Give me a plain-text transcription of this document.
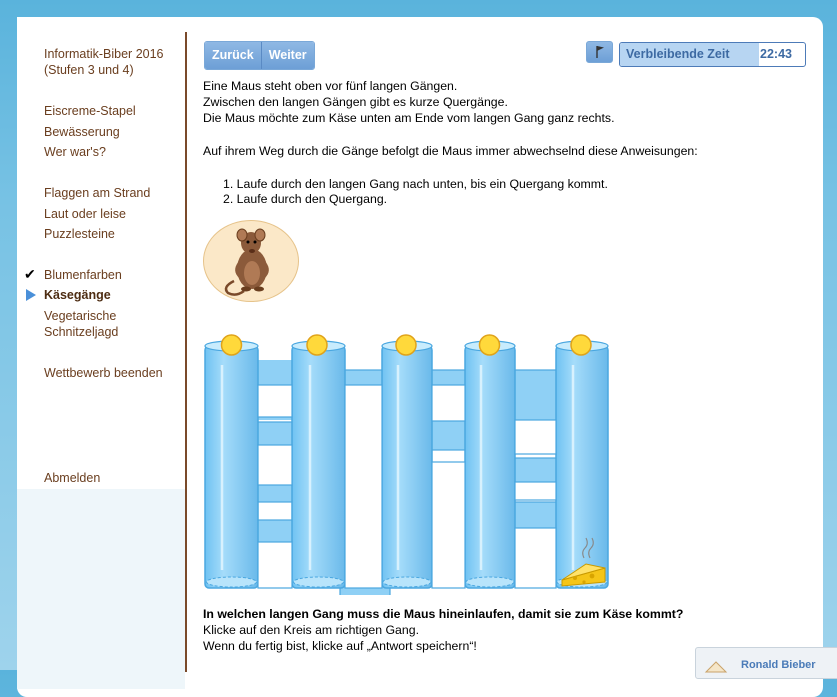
Informatik-Biber 2016
(Stufen 3 und 4)
Eiscreme-Stapel
Bewässerung
Wer war's?
Flaggen am Strand
Laut oder leise
Puzzlesteine
✔ Blumenfarben
Käsegänge
Vegetarische
Schnitzeljagd
Wettbewerb beenden
Abmelden
Zurück	Weiter	Verbleibende Zeit 22:43
Eine Maus steht oben vor fünf langen Gängen.
Zwischen den langen Gängen gibt es kurze Quergänge.
Die Maus möchte zum Käse unten am Ende vom langen Gang ganz rechts.
Auf ihrem Weg durch die Gänge befolgt die Maus immer abwechselnd diese Anweisungen:
1. Laufe durch den langen Gang nach unten, bis ein Quergang kommt.
2. Laufe durch den Quergang.
In welchen langen Gang muss die Maus hineinlaufen, damit sie zum Käse kommt?
Klicke auf den Kreis am richtigen Gang.
Wenn du fertig bist, klicke auf „Antwort speichern“!
Ronald Bieber
